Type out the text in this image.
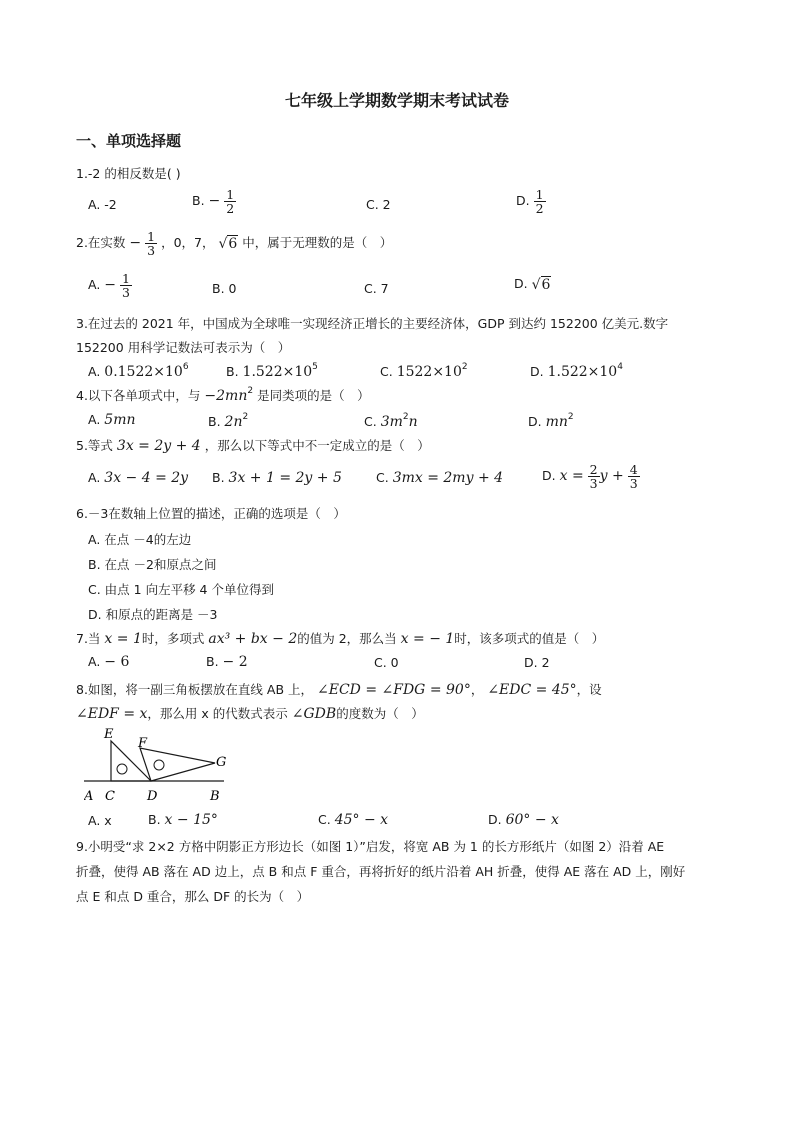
七年级上学期数学期末考试试卷
一、单项选择题
1.-2 的相反数是( )
A. -2	B. − $\frac{1}{2}$	C. 2	D. $\frac{1}{2}$
2.在实数 − $\frac{1}{3}$ ，0，7， √6 中，属于无理数的是（　）
A. − $\frac{1}{3}$	B. 0	C. 7	D. √6
3.在过去的 2021 年，中国成为全球唯一实现经济正增长的主要经济体，GDP 到达约 152200 亿美元.数字
152200 用科学记数法可表示为（　）
A. $0.1522\times 10^6$	B. $1.522\times 10^5$	C. $1522\times 10^2$	D. $1.522\times 10^4$
4.以下各单项式中，与 $-2mn^2$ 是同类项的是（　）
A. 5mn	B. $2n^2$	C. $3m^2n$	D. $mn^2$
5.等式 3x = 2y + 4 ，那么以下等式中不一定成立的是（　）
A. 3x − 4 = 2y B. 3x + 1 = 2y + 5	C. 3mx = 2my + 4	D. $x = \frac{2}{3}$ $y + \frac{4}{3}$
6.－3在数轴上位置的描述，正确的选项是（　）
A. 在点 －4的左边
B. 在点 －2和原点之间
C. 由点 1 向左平移 4 个单位得到
D. 和原点的距离是 －3
7.当 x = 1时，多项式 ax³ + bx − 2的值为 2，那么当 x = − 1时，该多项式的值是（　）
A. − 6	B. − 2	C. 0	D. 2
8.如图，将一副三角板摆放在直线 AB 上， ∠ECD = ∠FDG = 90°， ∠EDC = 45°，设
∠EDF = x，那么用 x 的代数式表示 ∠GDB的度数为（　）
E
F
G
A C D	B
A. x	B. x − 15°	C. 45° − x	D. 60° − x
9.小明受“求 2×2 方格中阴影正方形边长（如图 1）”启发，将宽 AB 为 1 的长方形纸片（如图 2）沿着 AE
折叠，使得 AB 落在 AD 边上，点 B 和点 F 重合，再将折好的纸片沿着 AH 折叠，使得 AE 落在 AD 上，刚好
点 E 和点 D 重合，那么 DF 的长为（　）
